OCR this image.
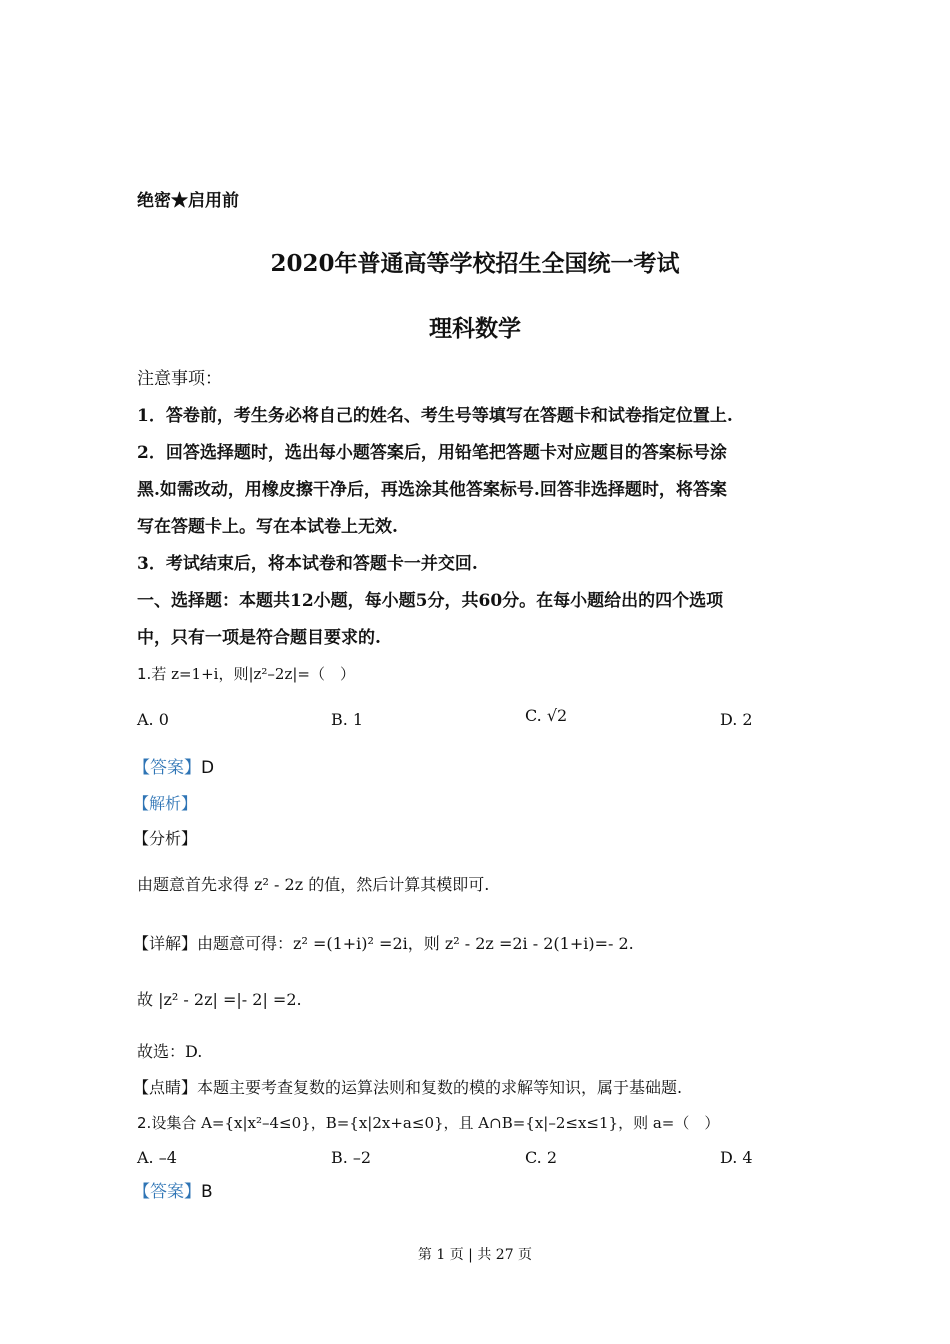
绝密★启用前
2020年普通高等学校招生全国统一考试
理科数学
注意事项：
1．答卷前，考生务必将自己的姓名、考生号等填写在答题卡和试卷指定位置上.
2．回答选择题时，选出每小题答案后，用铅笔把答题卡对应题目的答案标号涂
黑.如需改动，用橡皮擦干净后，再选涂其他答案标号.回答非选择题时，将答案
写在答题卡上。写在本试卷上无效.
3．考试结束后，将本试卷和答题卡一并交回.
一、选择题：本题共12小题，每小题5分，共60分。在每小题给出的四个选项
中，只有一项是符合题目要求的.
1.若 z=1+i，则|z²–2z|=（　）
A. 0	B. 1	C. √2	D. 2
【答案】D
【解析】
【分析】
由题意首先求得 z² - 2z 的值，然后计算其模即可.
【详解】由题意可得：z² =(1+i)² =2i，则 z² - 2z =2i - 2(1+i)=- 2.
故 |z² - 2z| =|- 2| =2.
故选：D.
【点睛】本题主要考查复数的运算法则和复数的模的求解等知识，属于基础题.
2.设集合 A={x|x²–4≤0}，B={x|2x+a≤0}，且 A∩B={x|–2≤x≤1}，则 a=（　）
A. –4	B. –2	C. 2	D. 4
【答案】B
第 1 页 | 共 27 页
